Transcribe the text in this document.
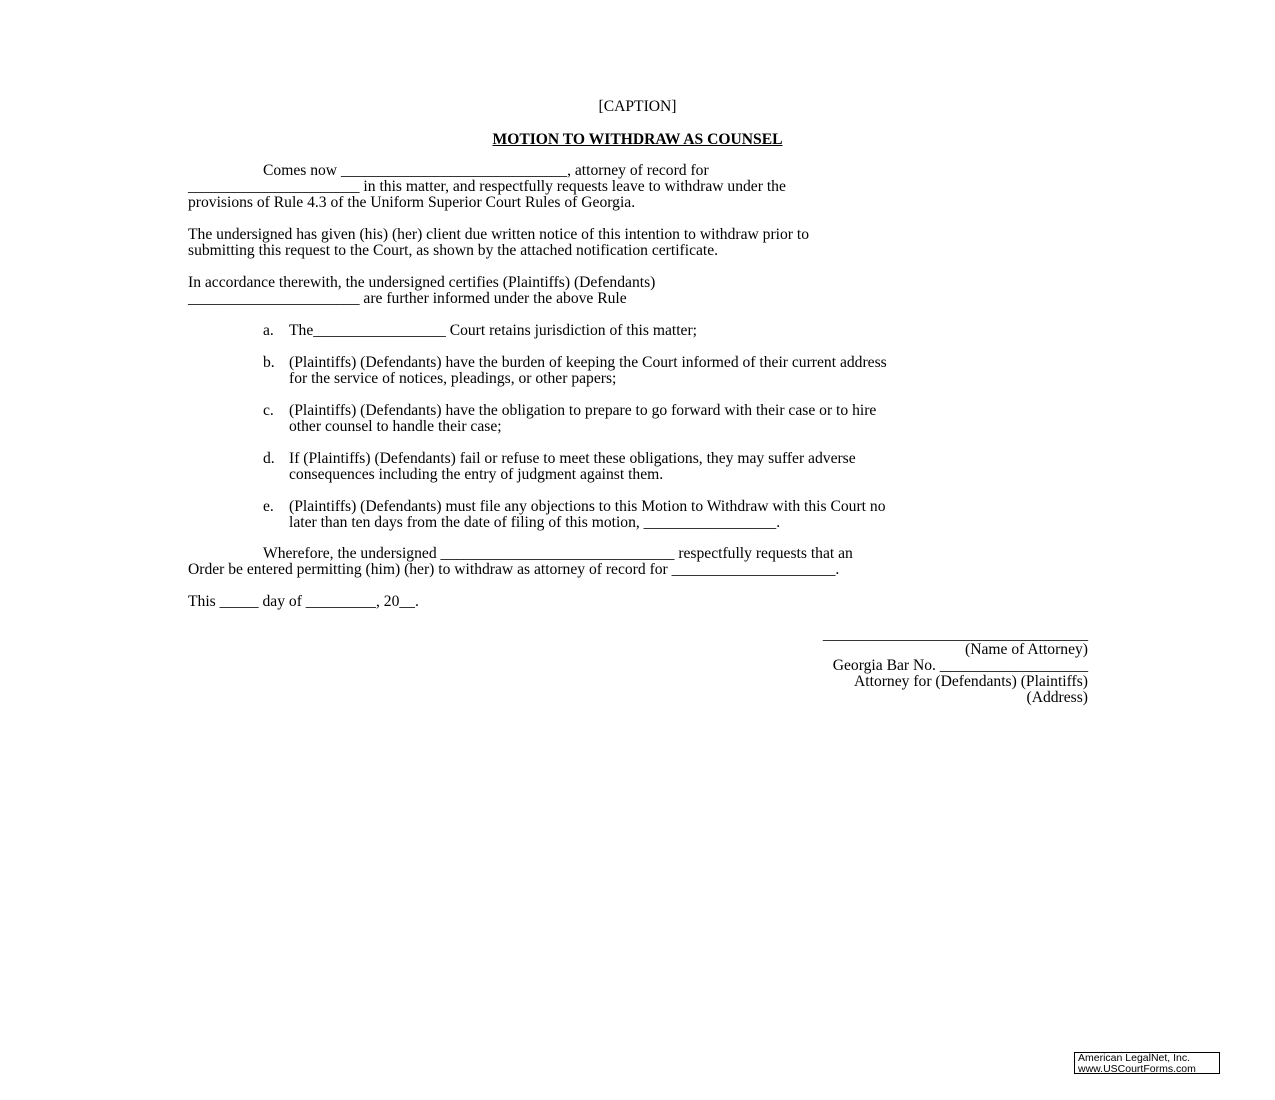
[CAPTION]
MOTION TO WITHDRAW AS COUNSEL
Comes now _____________________________, attorney of record for
______________________ in this matter, and respectfully requests leave to withdraw under the
provisions of Rule 4.3 of the Uniform Superior Court Rules of Georgia.
The undersigned has given (his) (her) client due written notice of this intention to withdraw prior to
submitting this request to the Court, as shown by the attached notification certificate.
In accordance therewith, the undersigned certifies (Plaintiffs) (Defendants)
______________________ are further informed under the above Rule
a. The_________________ Court retains jurisdiction of this matter;
b. (Plaintiffs) (Defendants) have the burden of keeping the Court informed of their current address
for the service of notices, pleadings, or other papers;
c. (Plaintiffs) (Defendants) have the obligation to prepare to go forward with their case or to hire
other counsel to handle their case;
d. If (Plaintiffs) (Defendants) fail or refuse to meet these obligations, they may suffer adverse
consequences including the entry of judgment against them.
e. (Plaintiffs) (Defendants) must file any objections to this Motion to Withdraw with this Court no
later than ten days from the date of filing of this motion, _________________.
Wherefore, the undersigned ______________________________ respectfully requests that an
Order be entered permitting (him) (her) to withdraw as attorney of record for _____________________.
This _____ day of _________, 20__.
__________________________________
(Name of Attorney)
Georgia Bar No. ___________________
Attorney for (Defendants) (Plaintiffs)
(Address)
American LegalNet, Inc.
www.USCourtForms.com
